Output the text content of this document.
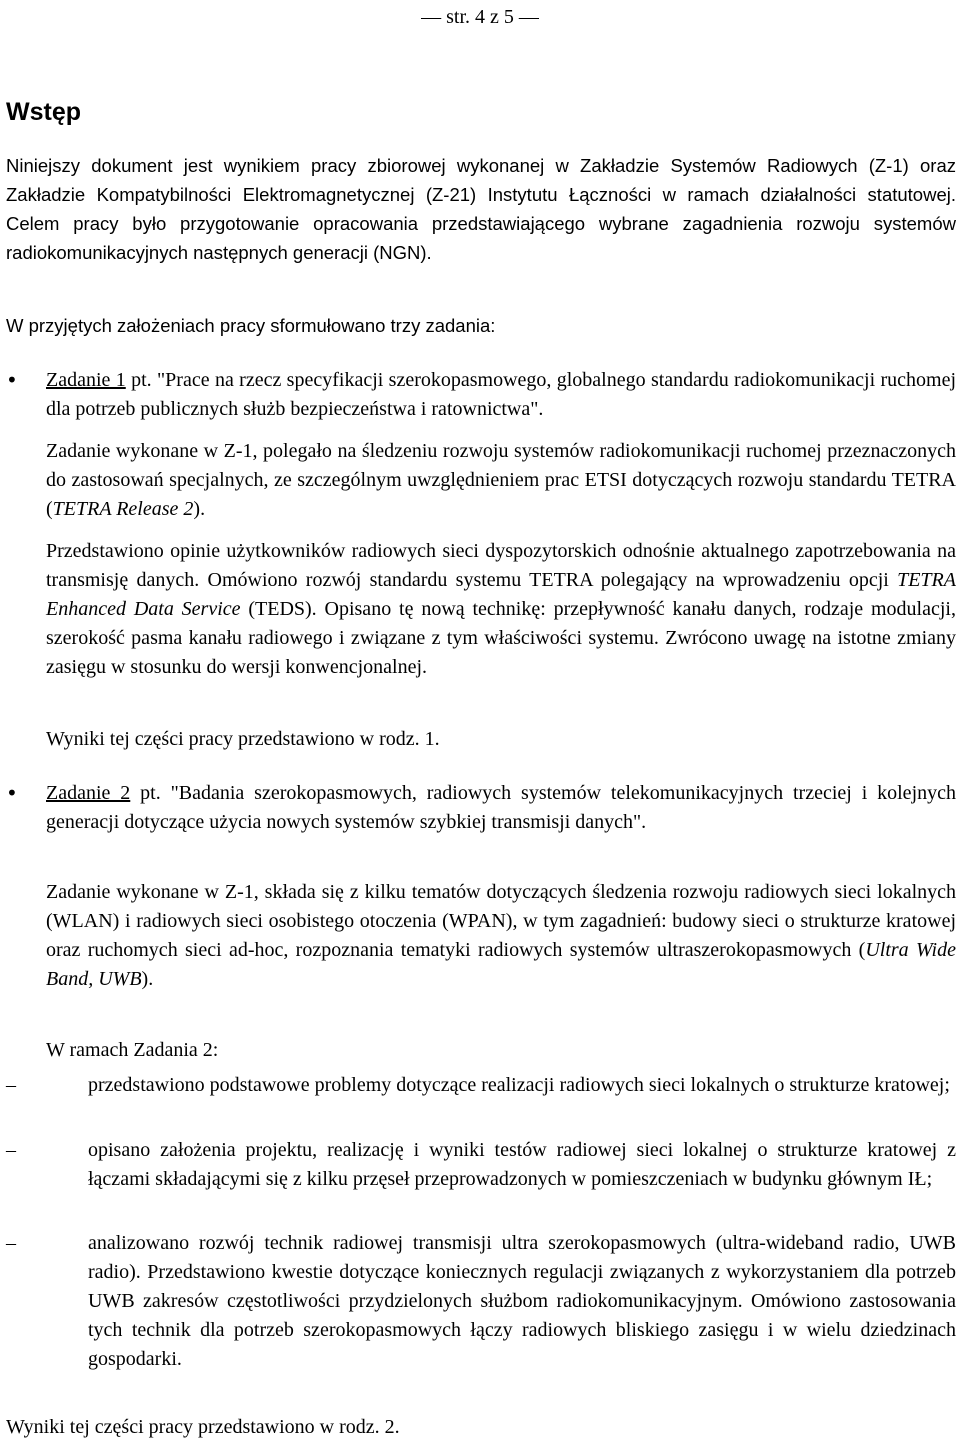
— str. 4 z 5 —
Wstęp

Niniejszy dokument jest wynikiem pracy zbiorowej wykonanej w Zakładzie Systemów Radiowych (Z-1) oraz Zakładzie Kompatybilności Elektromagnetycznej (Z-21) Instytutu Łączności w ramach działalności statutowej. Celem pracy było przygotowanie opracowania przedstawiającego wybrane zagadnienia rozwoju systemów radiokomunikacyjnych następnych generacji (NGN).

W przyjętych założeniach pracy sformułowano trzy zadania:

• Zadanie 1 pt. "Prace na rzecz specyfikacji szerokopasmowego, globalnego standardu radiokomunikacji ruchomej dla potrzeb publicznych służb bezpieczeństwa i ratownictwa".

Zadanie wykonane w Z-1, polegało na śledzeniu rozwoju systemów radiokomunikacji ruchomej przeznaczonych do zastosowań specjalnych, ze szczególnym uwzględnieniem prac ETSI dotyczących rozwoju standardu TETRA (TETRA Release 2).

Przedstawiono opinie użytkowników radiowych sieci dyspozytorskich odnośnie aktualnego zapotrzebowania na transmisję danych. Omówiono rozwój standardu systemu TETRA polegający na wprowadzeniu opcji TETRA Enhanced Data Service (TEDS). Opisano tę nową technikę: przepływność kanału danych, rodzaje modulacji, szerokość pasma kanału radiowego i związane z tym właściwości systemu. Zwrócono uwagę na istotne zmiany zasięgu w stosunku do wersji konwencjonalnej.

Wyniki tej części pracy przedstawiono w rodz. 1.

• Zadanie 2 pt. "Badania szerokopasmowych, radiowych systemów telekomunikacyjnych trzeciej i kolejnych generacji dotyczące użycia nowych systemów szybkiej transmisji danych".

Zadanie wykonane w Z-1, składa się z kilku tematów dotyczących śledzenia rozwoju radiowych sieci lokalnych (WLAN) i radiowych sieci osobistego otoczenia (WPAN), w tym zagadnień: budowy sieci o strukturze kratowej oraz ruchomych sieci ad-hoc, rozpoznania tematyki radiowych systemów ultraszerokopasmowych (Ultra Wide Band, UWB).

W ramach Zadania 2:

–	przedstawiono podstawowe problemy dotyczące realizacji radiowych sieci lokalnych o strukturze kratowej;

–	opisano założenia projektu, realizację i wyniki testów radiowej sieci lokalnej o strukturze kratowej z łączami składającymi się z kilku przęseł przeprowadzonych w pomieszczeniach w budynku głównym IŁ;

–	analizowano rozwój technik radiowej transmisji ultra szerokopasmowych (ultra-wideband radio, UWB radio). Przedstawiono kwestie dotyczące koniecznych regulacji związanych z wykorzystaniem dla potrzeb UWB zakresów częstotliwości przydzielonych służbom radiokomunikacyjnym. Omówiono zastosowania tych technik dla potrzeb szerokopasmowych łączy radiowych bliskiego zasięgu i w wielu dziedzinach gospodarki.

Wyniki tej części pracy przedstawiono w rodz. 2.
